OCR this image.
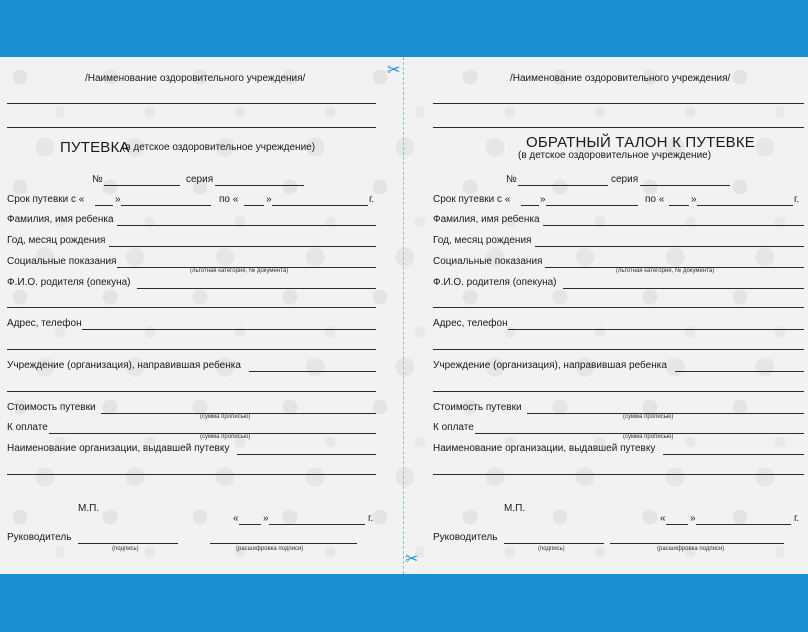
✂
✂
/Наименование оздоровительного учреждения/
ПУТЕВКА
(в детское оздоровительное учреждение)
№	серия
Срок путевки с «	»	по «	»	г.
Фамилия, имя ребенка
Год, месяц рождения
Социальные показания
(льготная категория, № документа)
Ф.И.О. родителя (опекуна)
Адрес, телефон
Учреждение (организация), направившая ребенка
Стоимость путевки
(сумма прописью)
К оплате
(сумма прописью)
Наименование организации, выдавшей путевку
М.П.
« »	г.
Руководитель
(подпись)	(расшифровка подписи)
/Наименование оздоровительного учреждения/
ОБРАТНЫЙ ТАЛОН К ПУТЕВКЕ
(в детское оздоровительное учреждение)
№	серия
Срок путевки с «	»	по «	»	г.
Фамилия, имя ребенка
Год, месяц рождения
Социальные показания
(льготная категория, № документа)
Ф.И.О. родителя (опекуна)
Адрес, телефон
Учреждение (организация), направившая ребенка
Стоимость путевки
(сумма прописью)
К оплате
(сумма прописью)
Наименование организации, выдавшей путевку
М.П.
« »	г.
Руководитель
(подпись)	(расшифровка подписи)
